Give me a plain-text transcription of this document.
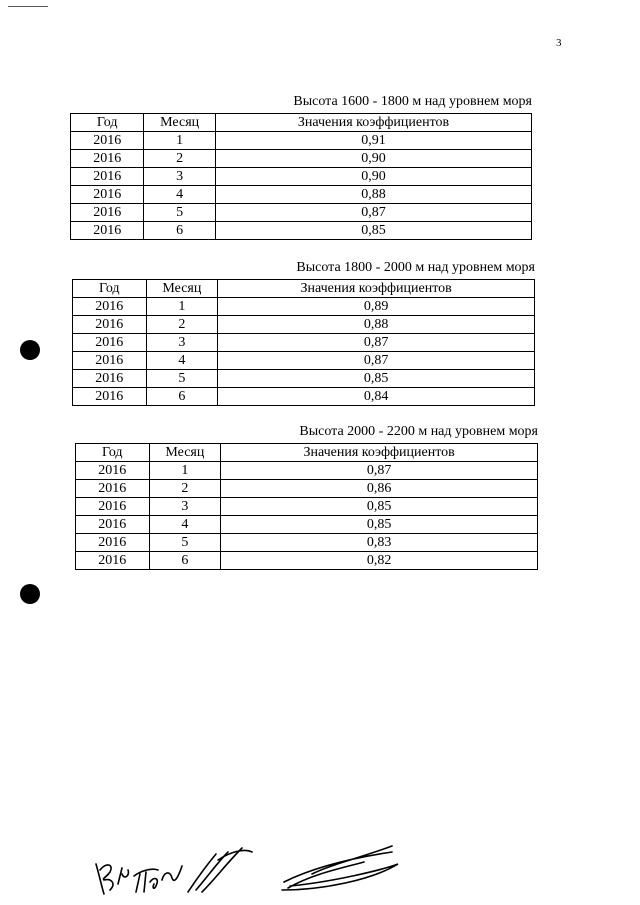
3
Высота 1600 - 1800 м над уровнем моря
Год	Месяц	Значения коэффициентов
2016	1	0,91
2016	2	0,90
2016	3	0,90
2016	4	0,88
2016	5	0,87
2016	6	0,85
Высота 1800 - 2000 м над уровнем моря
Год	Месяц	Значения коэффициентов
2016	1	0,89
2016	2	0,88
2016	3	0,87
2016	4	0,87
2016	5	0,85
2016	6	0,84
Высота 2000 - 2200 м над уровнем моря
Год	Месяц	Значения коэффициентов
2016	1	0,87
2016	2	0,86
2016	3	0,85
2016	4	0,85
2016	5	0,83
2016	6	0,82
